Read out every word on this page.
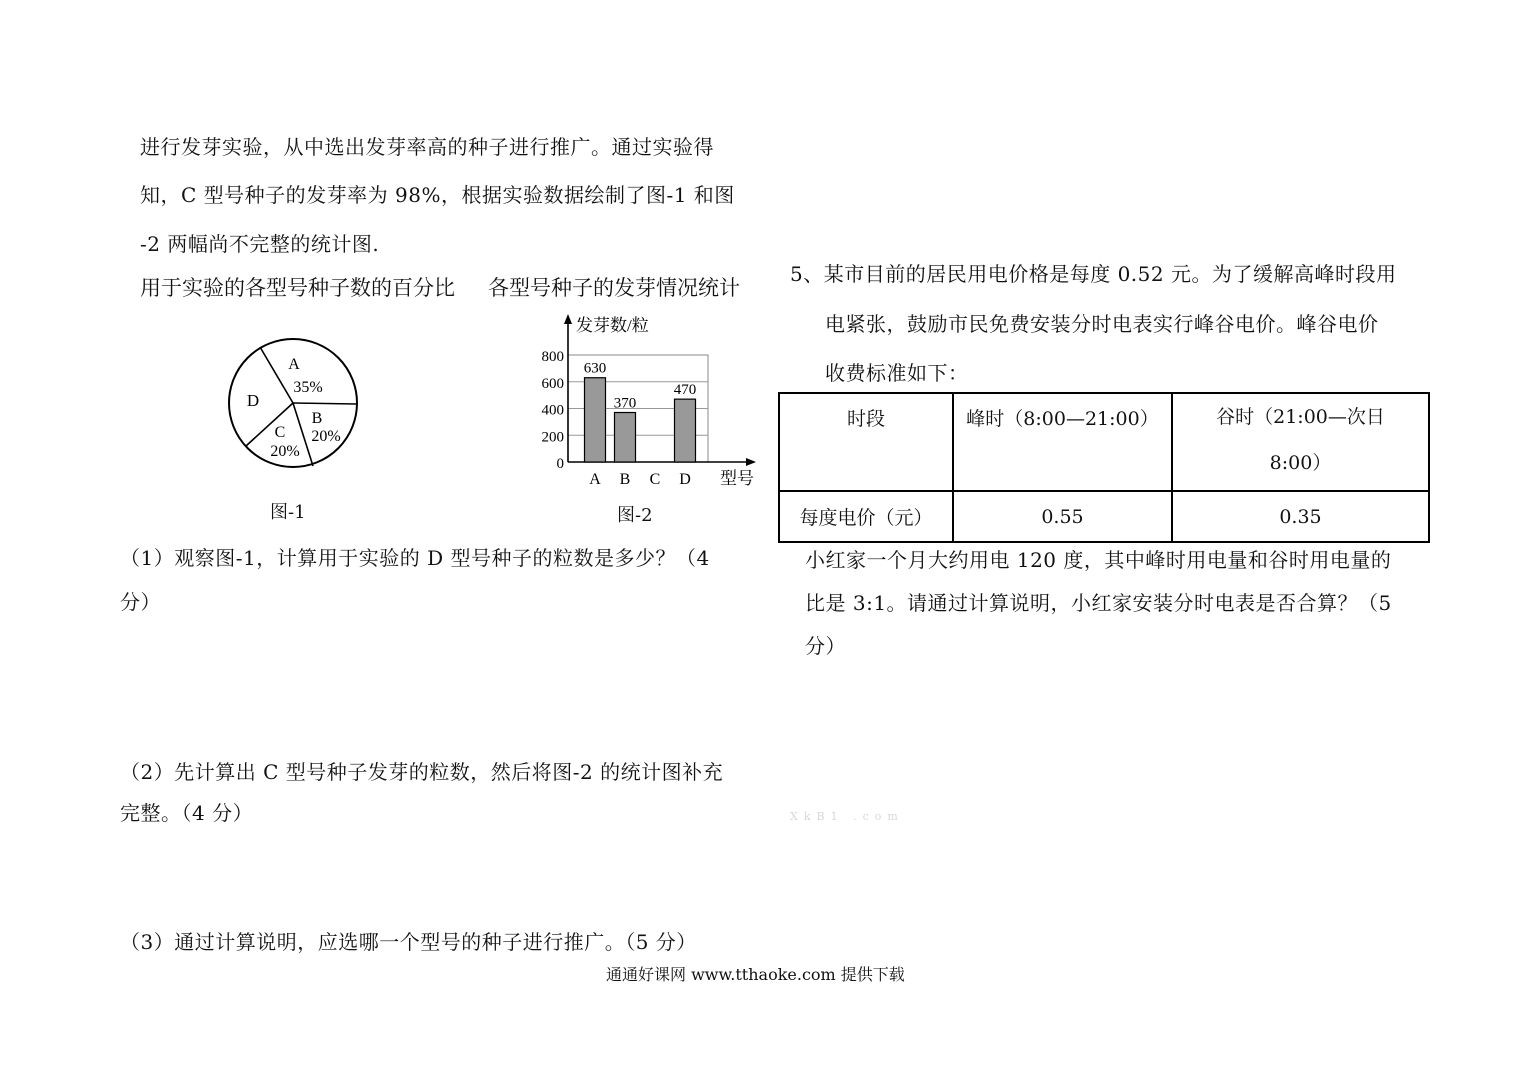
进行发芽实验，从中选出发芽率高的种子进行推广。通过实验得
知，C 型号种子的发芽率为 98%，根据实验数据绘制了图-1 和图
-2 两幅尚不完整的统计图.
用于实验的各型号种子数的百分比 各型号种子的发芽情况统计
A
35%
B
20%
C
20%
D
0
200
400
600
800
发芽数/粒
型号
A
630
B
370
C D
470
图-1	图-2
（1）观察图-1，计算用于实验的 D 型号种子的粒数是多少？（4
分）
（2）先计算出 C 型号种子发芽的粒数，然后将图-2 的统计图补充
完整。（4 分）
（3）通过计算说明，应选哪一个型号的种子进行推广。（5 分）
5、某市目前的居民用电价格是每度 0.52 元。为了缓解高峰时段用
电紧张，鼓励市民免费安装分时电表实行峰谷电价。峰谷电价
收费标准如下：
时段	峰时（8:00—21:00）	谷时（21:00—次日
8:00）
每度电价（元）	0.55	0.35
小红家一个月大约用电 120 度，其中峰时用电量和谷时用电量的
比是 3:1。请通过计算说明，小红家安装分时电表是否合算？（5
分）
XkB1 .com
通通好课网 www.tthaoke.com 提供下载
